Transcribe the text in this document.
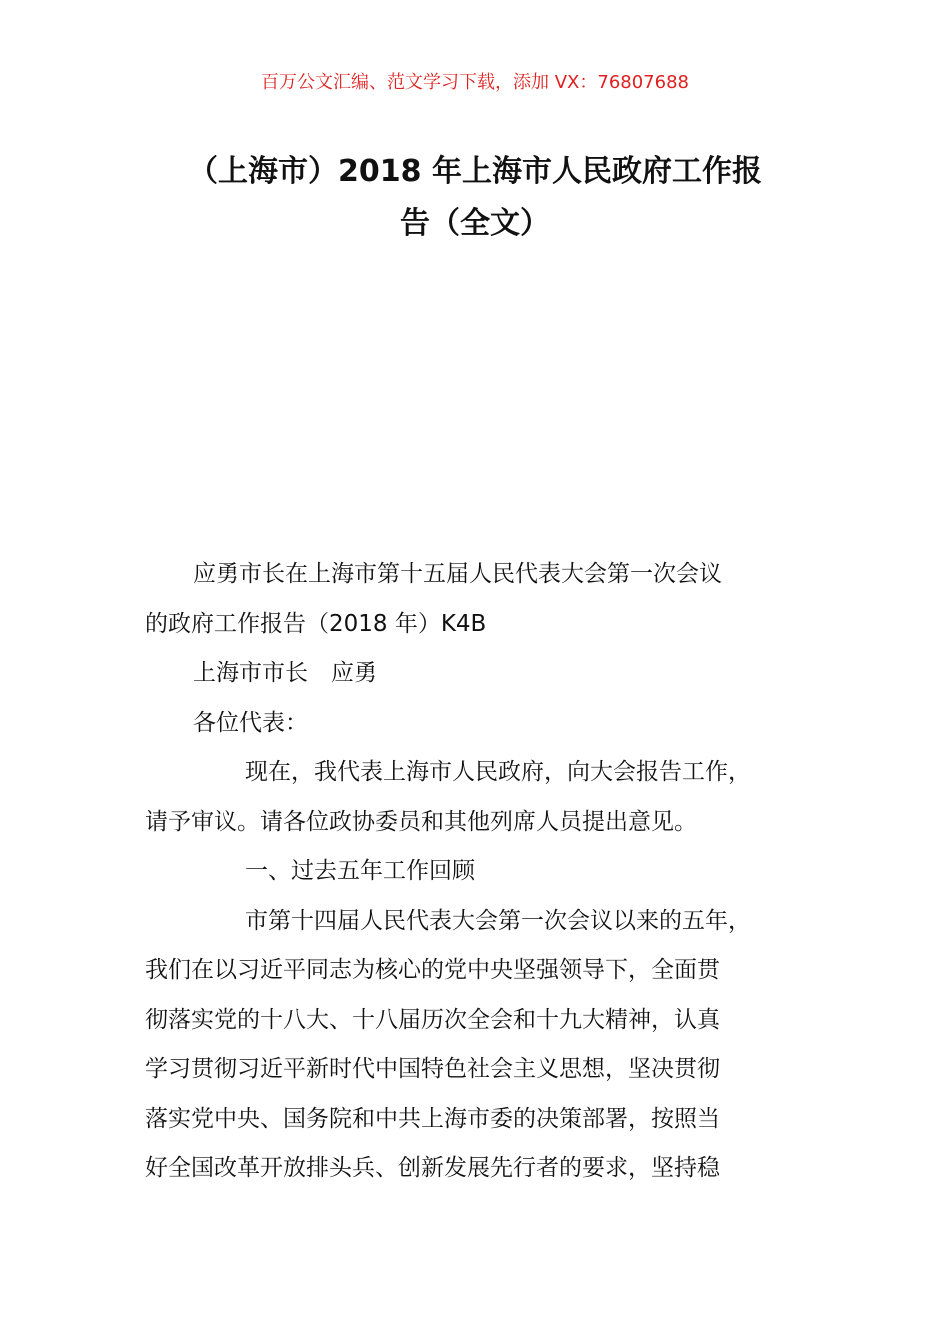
百万公文汇编、范文学习下载，添加 VX：76807688
（上海市）2018 年上海市人民政府工作报
告（全文）

应勇市长在上海市第十五届人民代表大会第一次会议
的政府工作报告（2018 年）K4B

上海市市长　应勇

各位代表：

现在，我代表上海市人民政府，向大会报告工作，
请予审议。请各位政协委员和其他列席人员提出意见。

一、过去五年工作回顾

市第十四届人民代表大会第一次会议以来的五年，
我们在以习近平同志为核心的党中央坚强领导下，全面贯
彻落实党的十八大、十八届历次全会和十九大精神，认真
学习贯彻习近平新时代中国特色社会主义思想，坚决贯彻
落实党中央、国务院和中共上海市委的决策部署，按照当
好全国改革开放排头兵、创新发展先行者的要求，坚持稳
